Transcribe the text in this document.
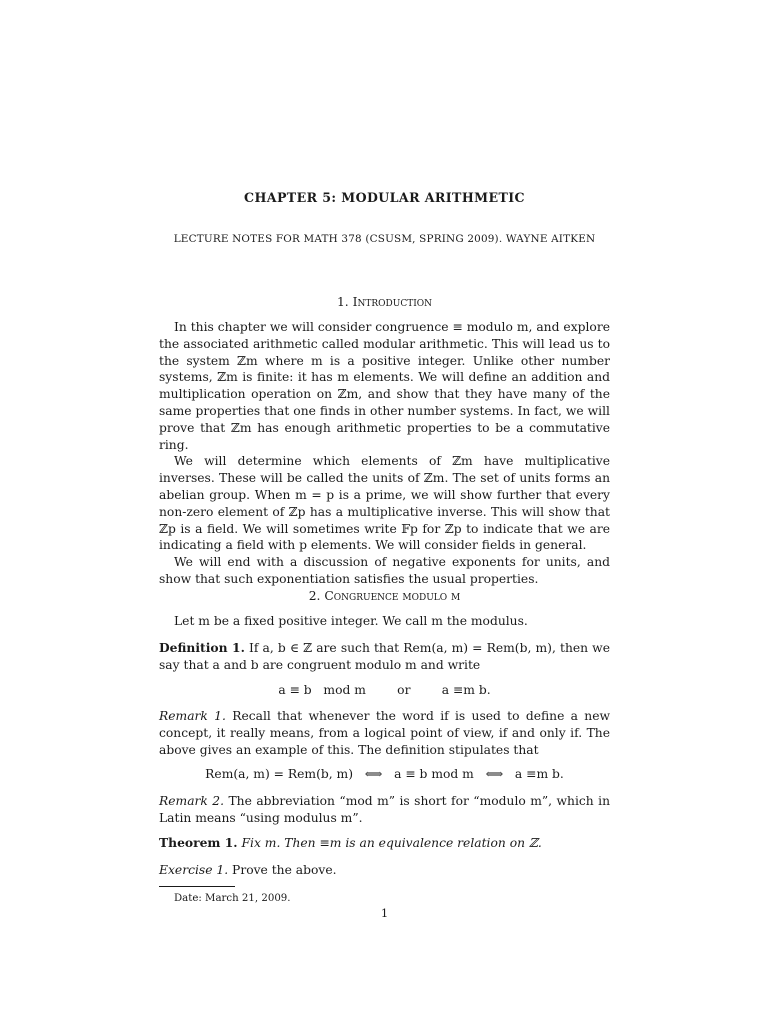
CHAPTER 5: MODULAR ARITHMETIC
LECTURE NOTES FOR MATH 378 (CSUSM, SPRING 2009). WAYNE AITKEN
1. Introduction

In this chapter we will consider congruence ≡ modulo m, and explore the associated arithmetic called modular arithmetic. This will lead us to the system ℤm where m is a positive integer. Unlike other number systems, ℤm is finite: it has m elements. We will define an addition and multiplication operation on ℤm, and show that they have many of the same properties that one finds in other number systems. In fact, we will prove that ℤm has enough arithmetic properties to be a commutative ring.

We will determine which elements of ℤm have multiplicative inverses. These will be called the units of ℤm. The set of units forms an abelian group. When m = p is a prime, we will show further that every non-zero element of ℤp has a multiplicative inverse. This will show that ℤp is a field. We will sometimes write 𝔽p for ℤp to indicate that we are indicating a field with p elements. We will consider fields in general.

We will end with a discussion of negative exponents for units, and show that such exponentiation satisfies the usual properties.

2. Congruence modulo m

Let m be a fixed positive integer. We call m the modulus.

Definition 1. If a, b ∈ ℤ are such that Rem(a, m) = Rem(b, m), then we say that a and b are congruent modulo m and write

a ≡ b   mod m        or        a ≡m b.

Remark 1. Recall that whenever the word if is used to define a new concept, it really means, from a logical point of view, if and only if. The above gives an example of this. The definition stipulates that

Rem(a, m) = Rem(b, m)   ⟺   a ≡ b mod m   ⟺   a ≡m b.

Remark 2. The abbreviation “mod m” is short for “modulo m”, which in Latin means “using modulus m”.

Theorem 1. Fix m. Then ≡m is an equivalence relation on ℤ.

Exercise 1. Prove the above.

Date: March 21, 2009.
1
